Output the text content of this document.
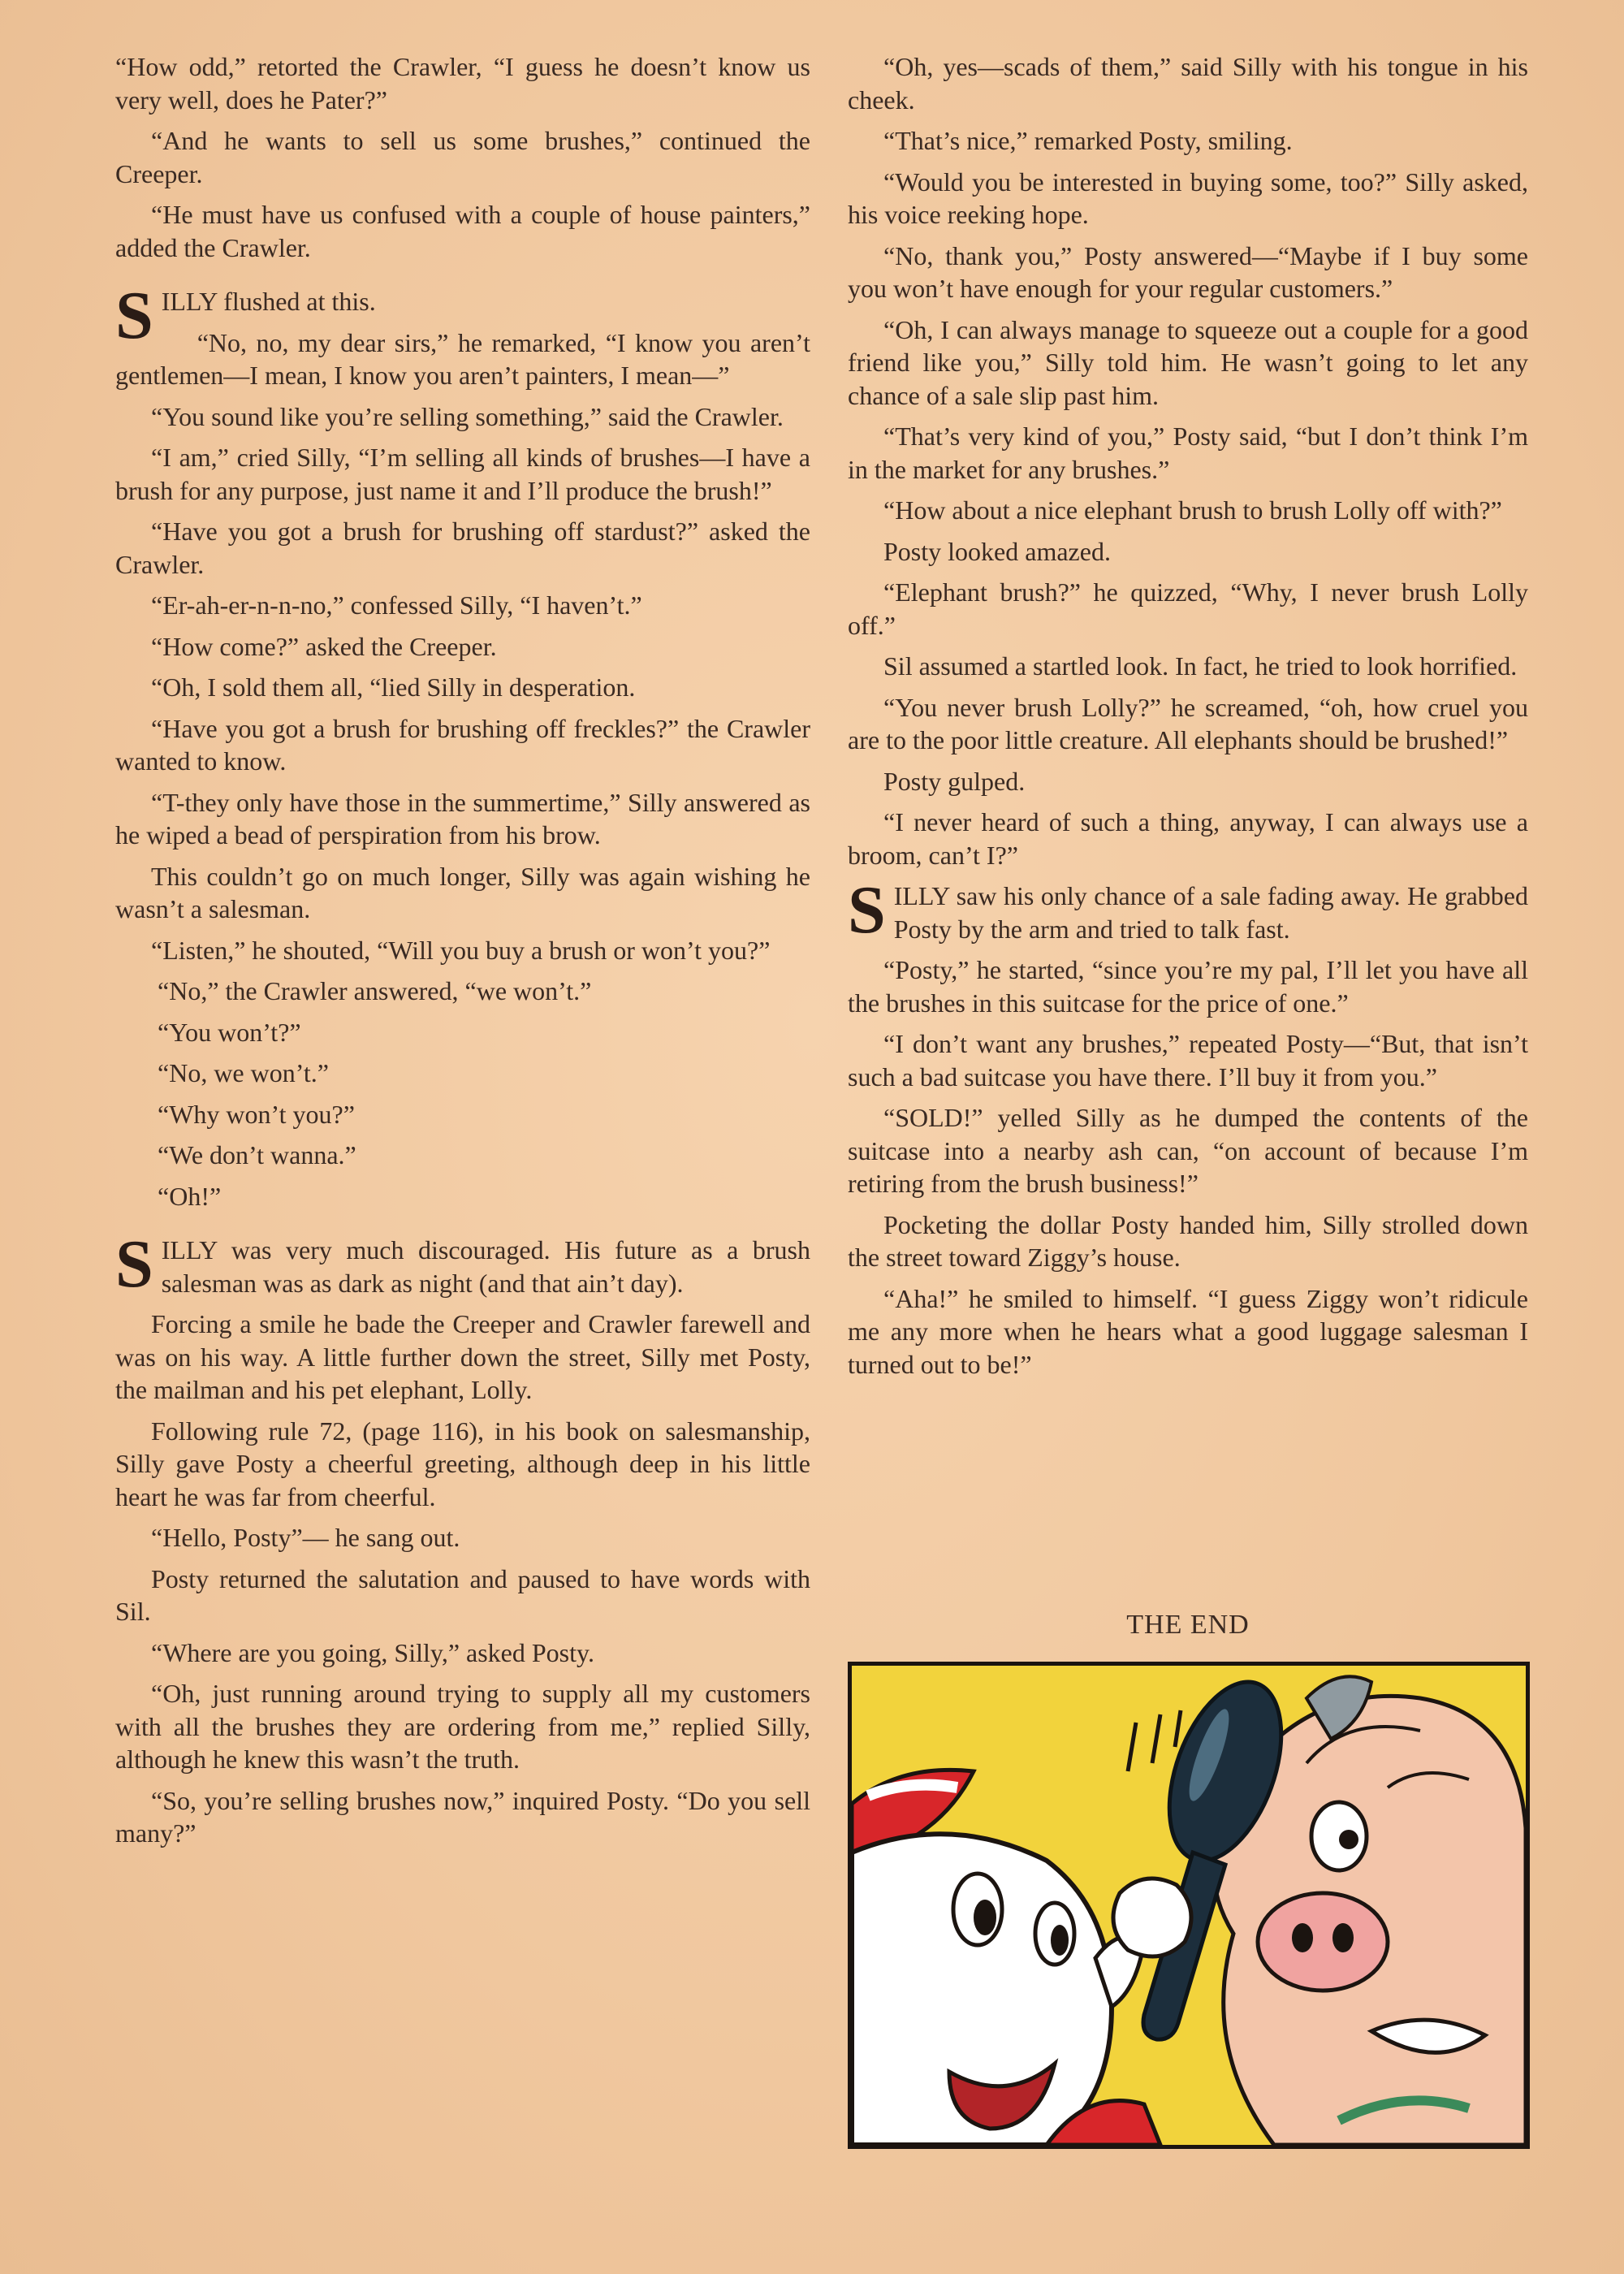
“How odd,” retorted the Crawler, “I guess he doesn’t know us very well, does he Pater?”

“And he wants to sell us some brushes,” continued the Creeper.

“He must have us confused with a couple of house painters,” added the Crawler.

SILLY flushed at this.

“No, no, my dear sirs,” he remarked, “I know you aren’t gentlemen—I mean, I know you aren’t painters, I mean—”

“You sound like you’re selling something,” said the Crawler.

“I am,” cried Silly, “I’m selling all kinds of brushes—I have a brush for any purpose, just name it and I’ll produce the brush!”

“Have you got a brush for brushing off stardust?” asked the Crawler.

“Er-ah-er-n-n-no,” confessed Silly, “I haven’t.”

“How come?” asked the Creeper.

“Oh, I sold them all, “lied Silly in desperation.

“Have you got a brush for brushing off freckles?” the Crawler wanted to know.

“T-they only have those in the summertime,” Silly answered as he wiped a bead of perspiration from his brow.

This couldn’t go on much longer, Silly was again wishing he wasn’t a salesman.

“Listen,” he shouted, “Will you buy a brush or won’t you?”

“No,” the Crawler answered, “we won’t.”

“You won’t?”

“No, we won’t.”

“Why won’t you?”

“We don’t wanna.”

“Oh!”

SILLY was very much discouraged. His future as a brush salesman was as dark as night (and that ain’t day).

Forcing a smile he bade the Creeper and Crawler farewell and was on his way. A little further down the street, Silly met Posty, the mailman and his pet elephant, Lolly.

Following rule 72, (page 116), in his book on salesmanship, Silly gave Posty a cheerful greeting, although deep in his little heart he was far from cheerful.

“Hello, Posty”— he sang out.

Posty returned the salutation and paused to have words with Sil.

“Where are you going, Silly,” asked Posty.

“Oh, just running around trying to supply all my customers with all the brushes they are ordering from me,” replied Silly, although he knew this wasn’t the truth.

“So, you’re selling brushes now,” inquired Posty. “Do you sell many?”

“Oh, yes—scads of them,” said Silly with his tongue in his cheek.

“That’s nice,” remarked Posty, smiling.

“Would you be interested in buying some, too?” Silly asked, his voice reeking hope.

“No, thank you,” Posty answered—“Maybe if I buy some you won’t have enough for your regular customers.”

“Oh, I can always manage to squeeze out a couple for a good friend like you,” Silly told him. He wasn’t going to let any chance of a sale slip past him.

“That’s very kind of you,” Posty said, “but I don’t think I’m in the market for any brushes.”

“How about a nice elephant brush to brush Lolly off with?”

Posty looked amazed.

“Elephant brush?” he quizzed, “Why, I never brush Lolly off.”

Sil assumed a startled look. In fact, he tried to look horrified.

“You never brush Lolly?” he screamed, “oh, how cruel you are to the poor little creature. All elephants should be brushed!”

Posty gulped.

“I never heard of such a thing, anyway, I can always use a broom, can’t I?”

SILLY saw his only chance of a sale fading away. He grabbed Posty by the arm and tried to talk fast.

“Posty,” he started, “since you’re my pal, I’ll let you have all the brushes in this suitcase for the price of one.”

“I don’t want any brushes,” repeated Posty—“But, that isn’t such a bad suitcase you have there. I’ll buy it from you.”

“SOLD!” yelled Silly as he dumped the contents of the suitcase into a nearby ash can, “on account of because I’m retiring from the brush business!”

Pocketing the dollar Posty handed him, Silly strolled down the street toward Ziggy’s house.

“Aha!” he smiled to himself. “I guess Ziggy won’t ridicule me any more when he hears what a good luggage salesman I turned out to be!”

THE END
